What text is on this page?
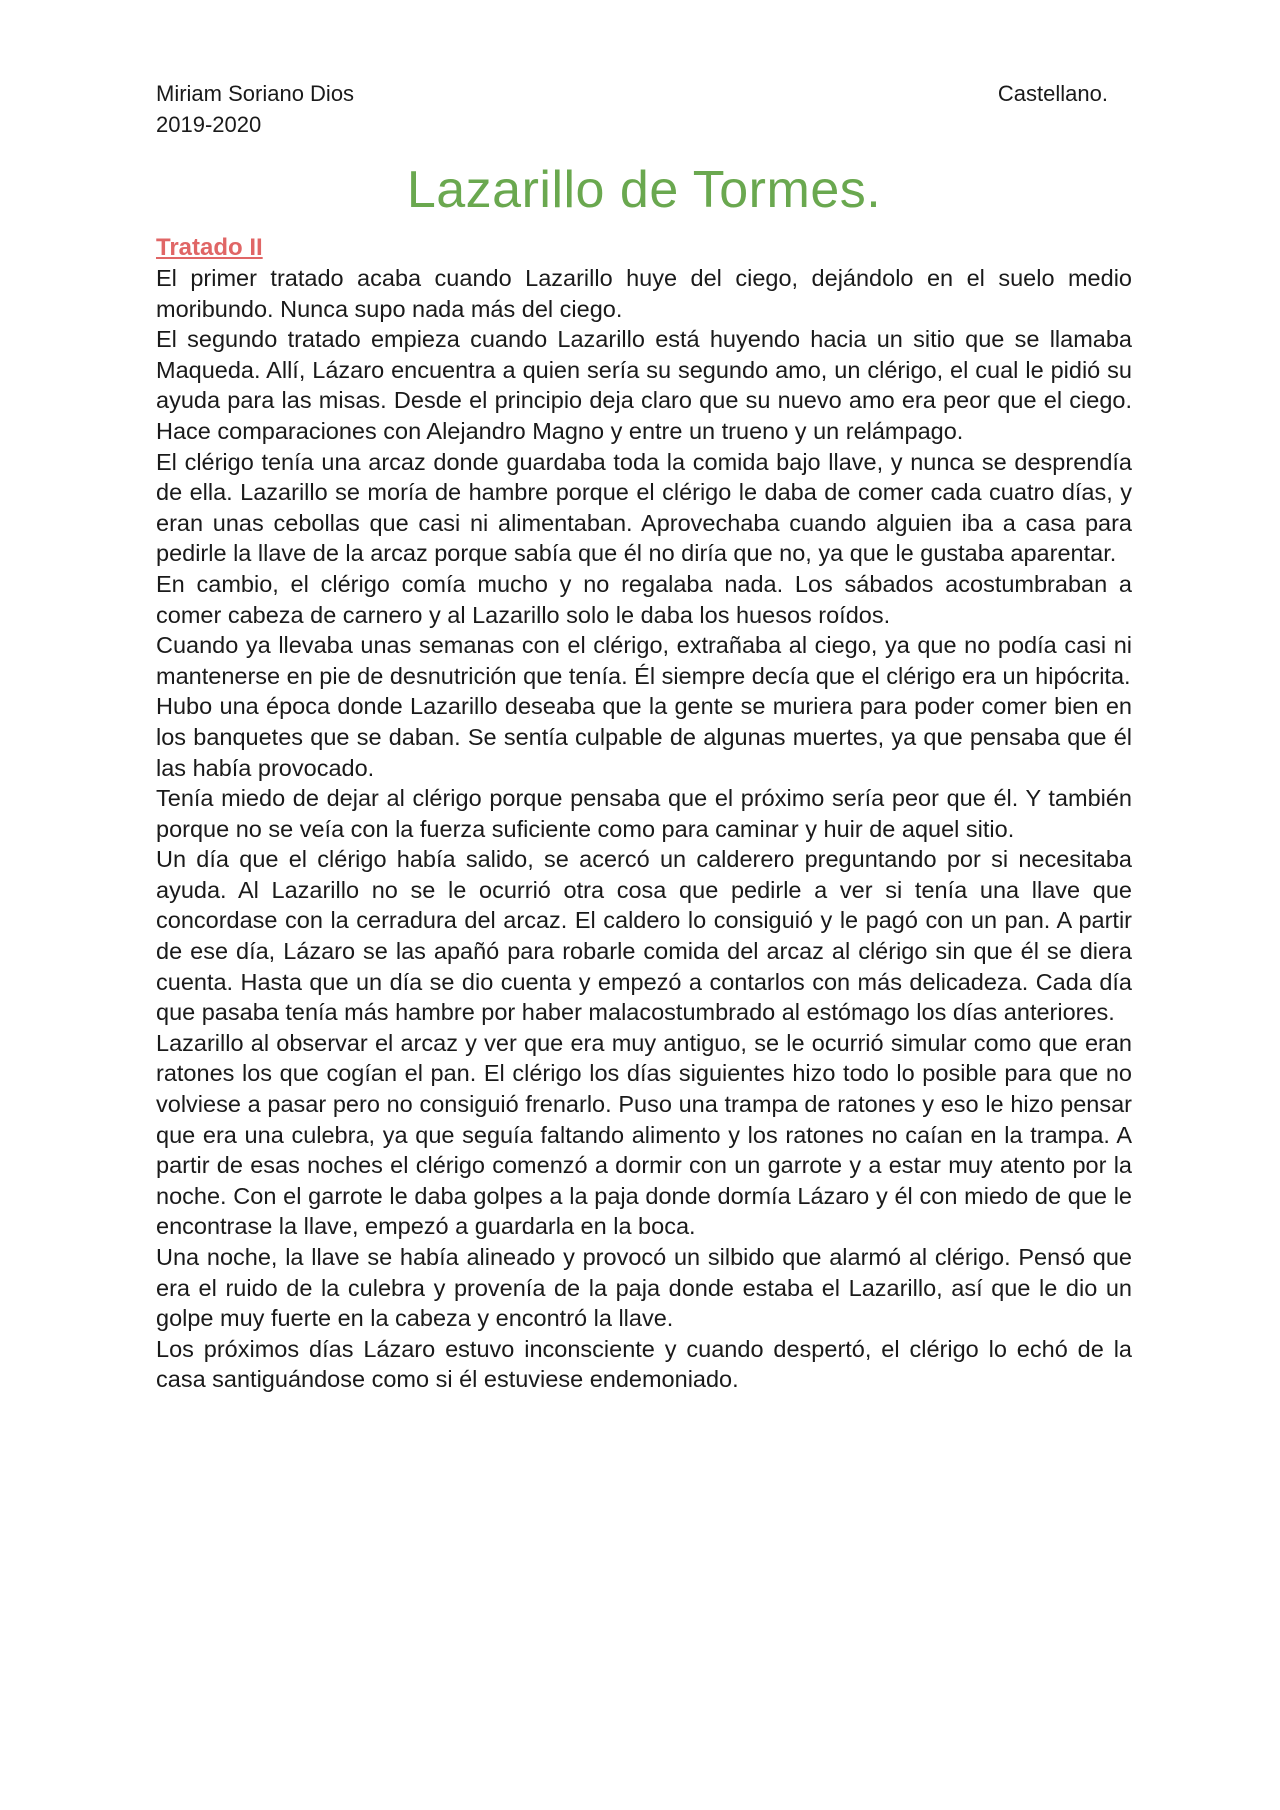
Miriam Soriano Dios	Castellano.
2019-2020
Lazarillo de Tormes.
Tratado II

El primer tratado acaba cuando Lazarillo huye del ciego, dejándolo en el suelo medio moribundo. Nunca supo nada más del ciego.

El segundo tratado empieza cuando Lazarillo está huyendo hacia un sitio que se llamaba Maqueda. Allí, Lázaro encuentra a quien sería su segundo amo, un clérigo, el cual le pidió su ayuda para las misas. Desde el principio deja claro que su nuevo amo era peor que el ciego. Hace comparaciones con Alejandro Magno y entre un trueno y un relámpago.

El clérigo tenía una arcaz donde guardaba toda la comida bajo llave, y nunca se desprendía de ella. Lazarillo se moría de hambre porque el clérigo le daba de comer cada cuatro días, y eran unas cebollas que casi ni alimentaban. Aprovechaba cuando alguien iba a casa para pedirle la llave de la arcaz porque sabía que él no diría que no, ya que le gustaba aparentar.

En cambio, el clérigo comía mucho y no regalaba nada. Los sábados acostumbraban a comer cabeza de carnero y al Lazarillo solo le daba los huesos roídos.

Cuando ya llevaba unas semanas con el clérigo, extrañaba al ciego, ya que no podía casi ni mantenerse en pie de desnutrición que tenía. Él siempre decía que el clérigo era un hipócrita.

Hubo una época donde Lazarillo deseaba que la gente se muriera para poder comer bien en los banquetes que se daban. Se sentía culpable de algunas muertes, ya que pensaba que él las había provocado.

Tenía miedo de dejar al clérigo porque pensaba que el próximo sería peor que él. Y también porque no se veía con la fuerza suficiente como para caminar y huir de aquel sitio.

Un día que el clérigo había salido, se acercó un calderero preguntando por si necesitaba ayuda. Al Lazarillo no se le ocurrió otra cosa que pedirle a ver si tenía una llave que concordase con la cerradura del arcaz. El caldero lo consiguió y le pagó con un pan. A partir de ese día, Lázaro se las apañó para robarle comida del arcaz al clérigo sin que él se diera cuenta. Hasta que un día se dio cuenta y empezó a contarlos con más delicadeza. Cada día que pasaba tenía más hambre por haber malacostumbrado al estómago los días anteriores.

Lazarillo al observar el arcaz y ver que era muy antiguo, se le ocurrió simular como que eran ratones los que cogían el pan. El clérigo los días siguientes hizo todo lo posible para que no volviese a pasar pero no consiguió frenarlo. Puso una trampa de ratones y eso le hizo pensar que era una culebra, ya que seguía faltando alimento y los ratones no caían en la trampa. A partir de esas noches el clérigo comenzó a dormir con un garrote y a estar muy atento por la noche. Con el garrote le daba golpes a la paja donde dormía Lázaro y él con miedo de que le encontrase la llave, empezó a guardarla en la boca.

Una noche, la llave se había alineado y provocó un silbido que alarmó al clérigo. Pensó que era el ruido de la culebra y provenía de la paja donde estaba el Lazarillo, así que le dio un golpe muy fuerte en la cabeza y encontró la llave.

Los próximos días Lázaro estuvo inconsciente y cuando despertó, el clérigo lo echó de la casa santiguándose como si él estuviese endemoniado.
